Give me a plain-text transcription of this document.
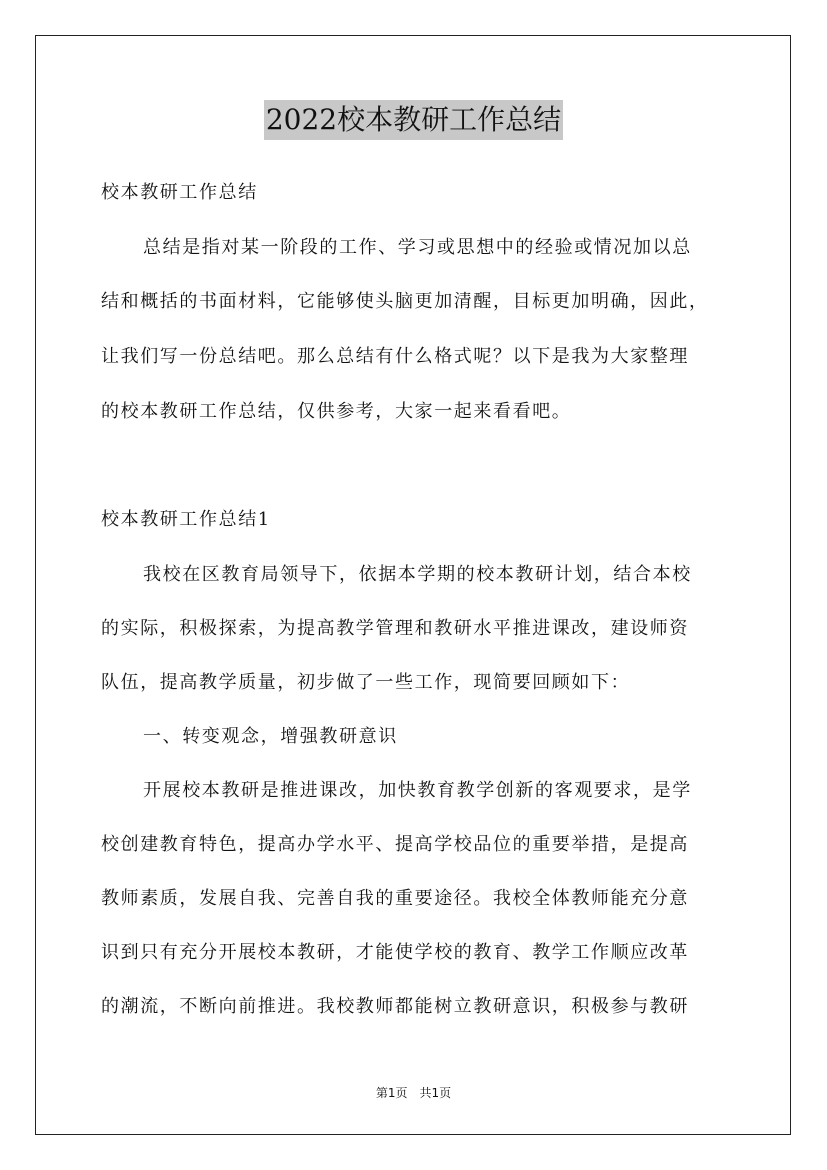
2022校本教研工作总结
校本教研工作总结
总结是指对某一阶段的工作、学习或思想中的经验或情况加以总
结和概括的书面材料，它能够使头脑更加清醒，目标更加明确，因此，
让我们写一份总结吧。那么总结有什么格式呢？以下是我为大家整理
的校本教研工作总结，仅供参考，大家一起来看看吧。
校本教研工作总结1
我校在区教育局领导下，依据本学期的校本教研计划，结合本校
的实际，积极探索，为提高教学管理和教研水平推进课改，建设师资
队伍，提高教学质量，初步做了一些工作，现简要回顾如下：
一、转变观念，增强教研意识
开展校本教研是推进课改，加快教育教学创新的客观要求，是学
校创建教育特色，提高办学水平、提高学校品位的重要举措，是提高
教师素质，发展自我、完善自我的重要途径。我校全体教师能充分意
识到只有充分开展校本教研，才能使学校的教育、教学工作顺应改革
的潮流，不断向前推进。我校教师都能树立教研意识，积极参与教研
第1页　共1页
